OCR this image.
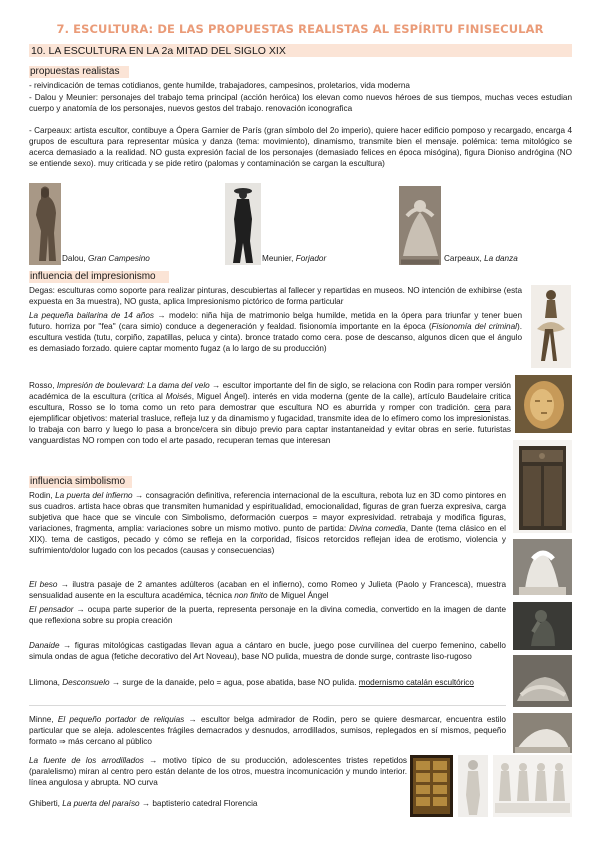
7. ESCULTURA: DE LAS PROPUESTAS REALISTAS AL ESPÍRITU FINISECULAR
10. LA ESCULTURA EN LA 2a MITAD DEL SIGLO XIX
propuestas realistas
- reivindicación de temas cotidianos, gente humilde, trabajadores, campesinos, proletarios, vida moderna
- Dalou y Meunier: personajes del trabajo tema principal (acción heróica) los elevan como nuevos héroes de sus tiempos, muchas veces estudian cuerpo y anatomía de los personajes, nuevos gestos del trabajo. renovación iconografica
- Carpeaux: artista escultor, contibuye a Ópera Garnier de París (gran símbolo del 2o imperio), quiere hacer edificio pomposo y recargado, encarga 4 grupos de escultura para representar música y danza (tema: movimiento), dinamismo, transmite bien el mensaje. polémica: tema mitológico se acerca demasiado a la realidad. NO gusta expresión facial de los personajes (demasiado felices en época misógina), figura Dioniso andrógina (NO se entiende sexo). muy criticada y se pide retiro (palomas y contaminación se cargan la escultura)
Dalou, Gran Campesino	Meunier, Forjador	Carpeaux, La danza
influencia del impresionismo
Degas: esculturas como soporte para realizar pinturas, descubiertas al fallecer y repartidas en museos. NO intención de exhibirse (esta expuesta en 3a muestra), NO gusta, aplica Impresionismo pictórico de forma particular
La pequeña bailarina de 14 años → modelo: niña hija de matrimonio belga humilde, metida en la ópera para triunfar y tener buen futuro. horriza por "fea" (cara simio) conduce a degeneración y fealdad. fisionomía importante en la época (Fisionomía del criminal). escultura vestida (tutu, corpiño, zapatillas, peluca y cinta). bronce tratado como cera. pose de descanso, algunos dicen que el ángulo es demasiado forzado. quiere captar momento fugaz (a lo largo de su producción)
Rosso, Impresión de boulevard: La dama del velo → escultor importante del fin de siglo, se relaciona con Rodin para romper versión académica de la escultura (crítica al Moisés, Miguel Ángel). interés en vida moderna (gente de la calle), artículo Baudelaire critica escultura, Rosso se lo toma como un reto para demostrar que escultura NO es aburrida y romper con tradición. cera para ejemplificar objetivos: material trasluce, refleja luz y da dinamismo y fugacidad, transmite idea de lo efímero como los impresionistas. lo trabaja con barro y luego lo pasa a bronce/cera sin dibujo previo para captar instantaneidad y evitar obras en serie. futuristas vanguardistas NO rompen con todo el arte pasado, recuperan temas que interesan
influencia simbolismo
Rodin, La puerta del infierno → consagración definitiva, referencia internacional de la escultura, rebota luz en 3D como pintores en sus cuadros. artista hace obras que transmiten humanidad y espiritualidad, emocionalidad, figuras de gran fuerza expresiva, carga subjetiva que hace que se vincule con Simbolismo, deformación cuerpos = mayor expresividad. retrabaja y modifica figuras, variaciones, fragmenta, amplia: variaciones sobre un mismo motivo. punto de partida: Divina comedia, Dante (tema clásico en el XIX). tema de castigos, pecado y cómo se refleja en la corporidad, físicos retorcidos reflejan idea de erotismo, violencia y sufrimiento/dolor lugado con los pecados (causas y consecuencias)
El beso → ilustra pasaje de 2 amantes adúlteros (acaban en el infierno), como Romeo y Julieta (Paolo y Francesca), muestra sensualidad ausente en la escultura académica, técnica non finito de Miguel Ángel
El pensador → ocupa parte superior de la puerta, representa personaje en la divina comedia, convertido en la imagen de dante que reflexiona sobre su propia creación
Danaide → figuras mitológicas castigadas llevan agua a cántaro en bucle, juego pose curvilínea del cuerpo femenino, cabello simula ondas de agua (fetiche decorativo del Art Noveau), base NO pulida, muestra de donde surge, contraste liso-rugoso
Llimona, Desconsuelo → surge de la danaide, pelo = agua, pose abatida, base NO pulida. modernismo catalán escultórico
Minne, El pequeño portador de reliquias → escultor belga admirador de Rodin, pero se quiere desmarcar, encuentra estilo particular que se aleja. adolescentes frágiles demacrados y desnudos, arrodillados, sumisos, replegados en sí mismos, pequeño formato ⇒ más cercano al público
La fuente de los arrodillados → motivo típico de su producción, adolescentes tristes repetidos (paralelismo) miran al centro pero están delante de los otros, muestra incomunicación y mundo interior. línea angulosa y abrupta. NO curva
Ghiberti, La puerta del paraíso → baptisterio catedral Florencia
